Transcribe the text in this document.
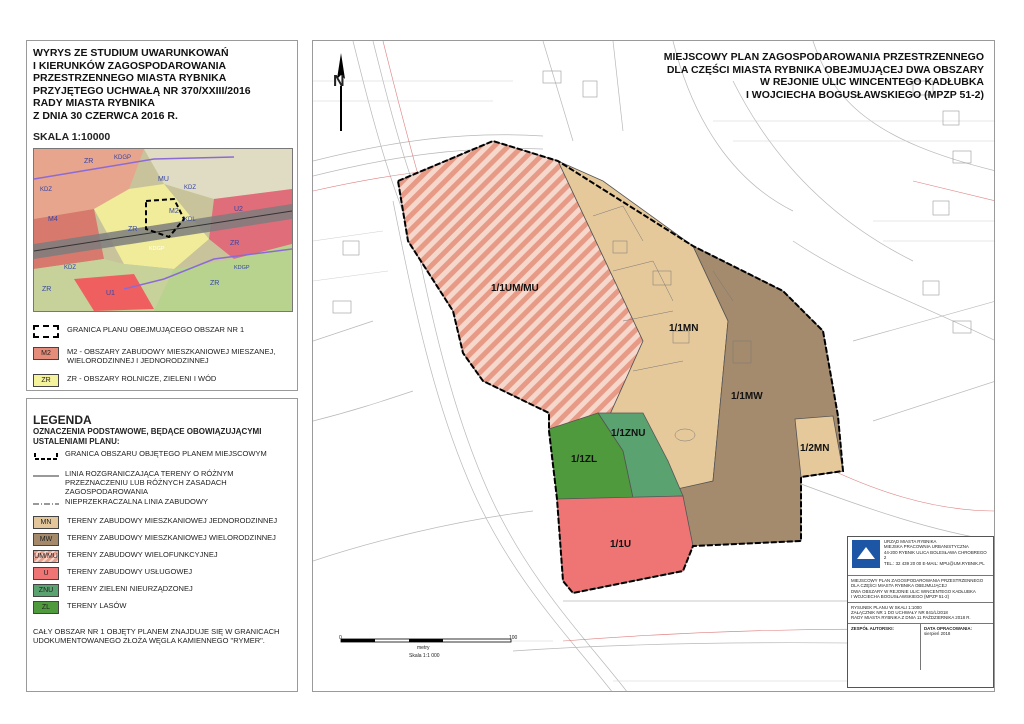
WYRYS ZE STUDIUM UWARUNKOWAŃ
I KIERUNKÓW ZAGOSPODAROWANIA
PRZESTRZENNEGO MIASTA RYBNIKA
PRZYJĘTEGO UCHWAŁĄ NR 370/XXIII/2016
RADY MIASTA RYBNIKA
Z DNIA 30 CZERWCA 2016 R.
SKALA 1:10000
ZR
MU
KDGP
KDZ
M2
KDL
U2
M4
ZR
KDZ
ZR
KDGP
KDZ
ZR
U1
ZR
KDGP
GRANICA PLANU OBEJMUJĄCEGO OBSZAR NR 1
M2	M2 - OBSZARY ZABUDOWY MIESZKANIOWEJ MIESZANEJ, WIELORODZINNEJ I JEDNORODZINNEJ
ZR	ZR - OBSZARY ROLNICZE, ZIELENI I WÓD
LEGENDA
OZNACZENIA PODSTAWOWE, BĘDĄCE OBOWIĄZUJĄCYMI USTALENIAMI PLANU:
GRANICA OBSZARU OBJĘTEGO PLANEM MIEJSCOWYM
LINIA ROZGRANICZAJĄCA TERENY O RÓŻNYM PRZEZNACZENIU LUB RÓŻNYCH ZASADACH ZAGOSPODAROWANIA
NIEPRZEKRACZALNA LINIA ZABUDOWY
MN	TERENY ZABUDOWY MIESZKANIOWEJ JEDNORODZINNEJ
MW	TERENY ZABUDOWY MIESZKANIOWEJ WIELORODZINNEJ
UM/MU TERENY ZABUDOWY WIELOFUNKCYJNEJ
U	TERENY ZABUDOWY USŁUGOWEJ
ZNU	TERENY ZIELENI NIEURZĄDZONEJ
ZL	TERENY LASÓW
CAŁY OBSZAR NR 1 OBJĘTY PLANEM ZNAJDUJE SIĘ W GRANICACH UDOKUMENTOWANEGO ZŁOŻA WĘGLA KAMIENNEGO "RYMER".
MIEJSCOWY PLAN ZAGOSPODAROWANIA PRZESTRZENNEGO
DLA CZĘŚCI MIASTA RYBNIKA OBEJMUJĄCEJ DWA OBSZARY
W REJONIE ULIC WINCENTEGO KADŁUBKA
I WOJCIECHA BOGUSŁAWSKIEGO (MPZP 51-2)
N
1/1UM/MU
1/1MN
1/1MW
1/2MN
1/1ZNU
1/1ZL
1/1U
0	100
metry
Skala 1:1 000
URZĄD MIASTA RYBNIKA
MIEJSKA PRACOWNIA URBANISTYCZNA
44-200 RYBNIK ULICA BOLESŁAWA CHROBREGO 2
TEL.: 32 439 20 00 E-MAIL: MPU@UM.RYBNIK.PL
MIEJSCOWY PLAN ZAGOSPODAROWANIA PRZESTRZENNEGO
DLA CZĘŚCI MIASTA RYBNIKA OBEJMUJĄCEJ
DWA OBSZARY W REJONIE ULIC WINCENTEGO KADŁUBKA
I WOJCIECHA BOGUSŁAWSKIEGO (MPZP 51-2)
RYSUNEK PLANU W SKALI 1:1000
ZAŁĄCZNIK NR 1 DO UCHWAŁY NR 841/L/2018
RADY MIASTA RYBNIKA Z DNIA 11 PAŹDZIERNIKA 2018 R.
ZESPÓŁ AUTORSKI:	DATA OPRACOWANIA:
sierpień 2018
